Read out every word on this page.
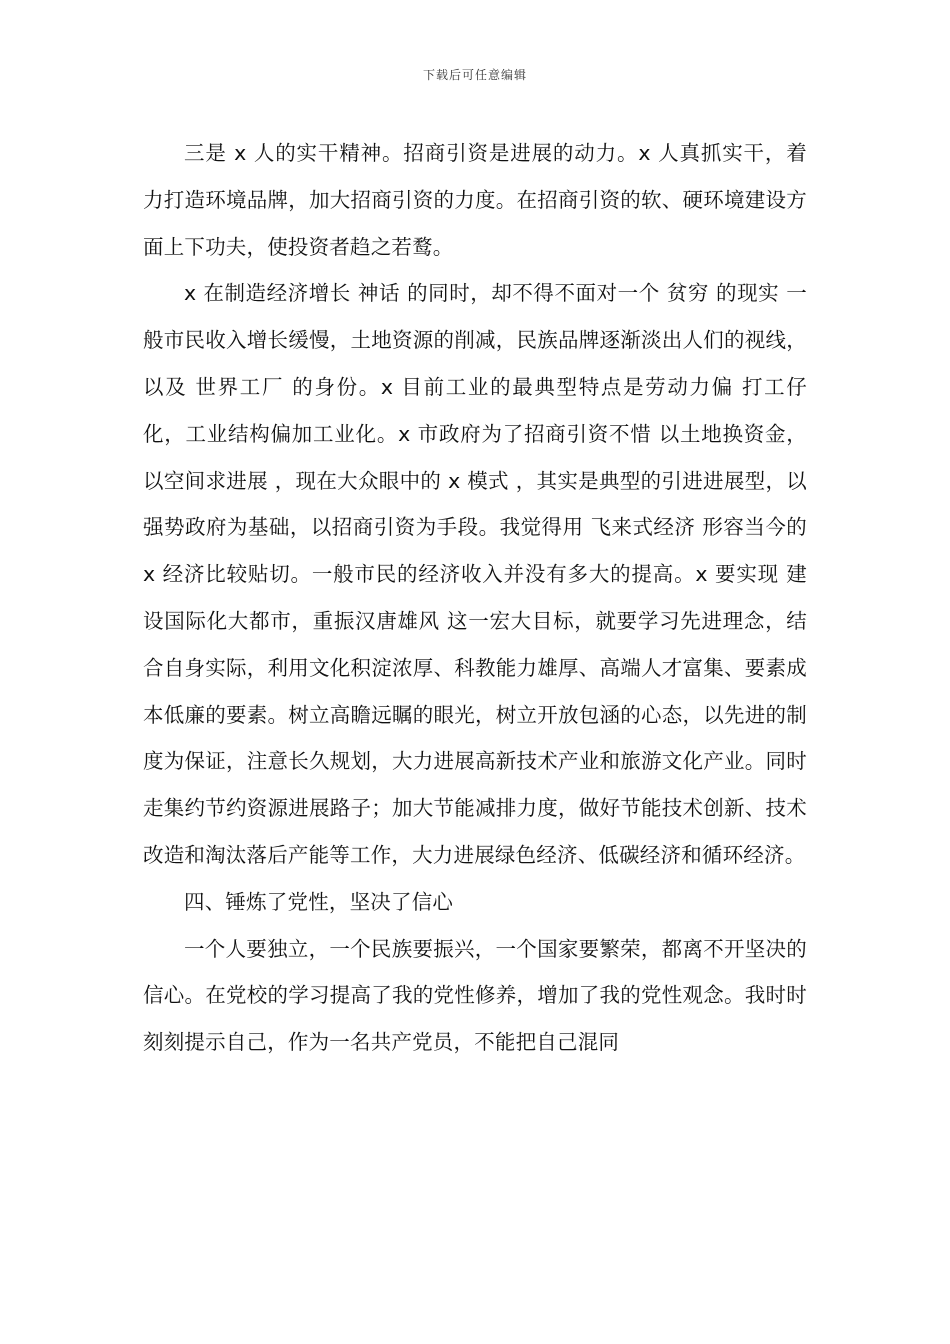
下载后可任意编辑

三是 x 人的实干精神。招商引资是进展的动力。x 人真抓实干，着力打造环境品牌，加大招商引资的力度。在招商引资的软、硬环境建设方面上下功夫，使投资者趋之若鹜。

x 在制造经济增长 神话 的同时，却不得不面对一个 贫穷 的现实 一般市民收入增长缓慢，土地资源的削减，民族品牌逐渐淡出人们的视线，以及 世界工厂 的身份。x 目前工业的最典型特点是劳动力偏 打工仔 化，工业结构偏加工业化。x 市政府为了招商引资不惜 以土地换资金，以空间求进展 ，现在大众眼中的 x 模式 ，其实是典型的引进进展型，以强势政府为基础，以招商引资为手段。我觉得用 飞来式经济 形容当今的 x 经济比较贴切。一般市民的经济收入并没有多大的提高。x 要实现 建设国际化大都市，重振汉唐雄风 这一宏大目标，就要学习先进理念，结合自身实际，利用文化积淀浓厚、科教能力雄厚、高端人才富集、要素成本低廉的要素。树立高瞻远瞩的眼光，树立开放包涵的心态，以先进的制度为保证，注意长久规划，大力进展高新技术产业和旅游文化产业。同时走集约节约资源进展路子；加大节能减排力度，做好节能技术创新、技术改造和淘汰落后产能等工作，大力进展绿色经济、低碳经济和循环经济。

四、锤炼了党性，坚决了信心

一个人要独立，一个民族要振兴，一个国家要繁荣，都离不开坚决的信心。在党校的学习提高了我的党性修养，增加了我的党性观念。我时时刻刻提示自己，作为一名共产党员，不能把自己混同
